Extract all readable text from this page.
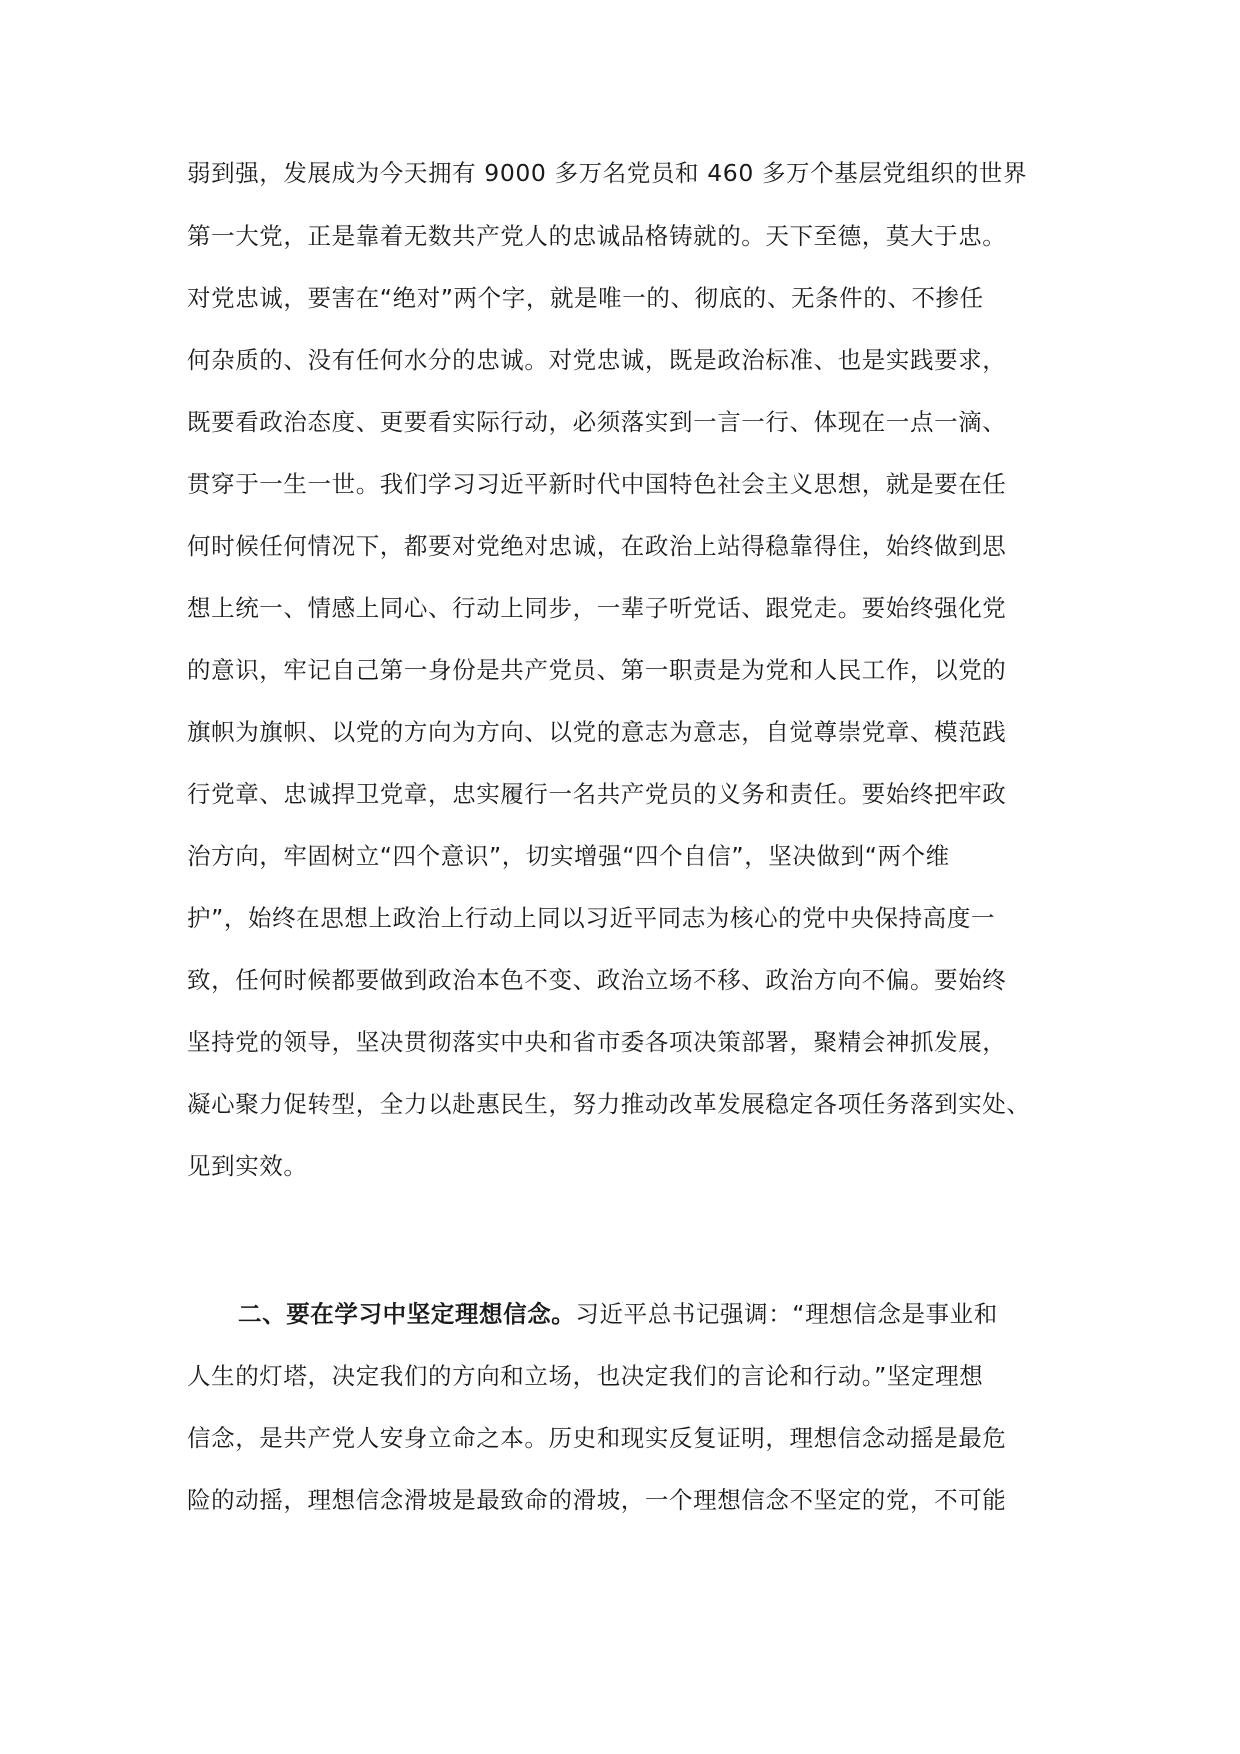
弱到强，发展成为今天拥有 9000 多万名党员和 460 多万个基层党组织的世界
第一大党，正是靠着无数共产党人的忠诚品格铸就的。天下至德，莫大于忠。
对党忠诚，要害在“绝对”两个字，就是唯一的、彻底的、无条件的、不掺任
何杂质的、没有任何水分的忠诚。对党忠诚，既是政治标准、也是实践要求，
既要看政治态度、更要看实际行动，必须落实到一言一行、体现在一点一滴、
贯穿于一生一世。我们学习习近平新时代中国特色社会主义思想，就是要在任
何时候任何情况下，都要对党绝对忠诚，在政治上站得稳靠得住，始终做到思
想上统一、情感上同心、行动上同步，一辈子听党话、跟党走。要始终强化党
的意识，牢记自己第一身份是共产党员、第一职责是为党和人民工作，以党的
旗帜为旗帜、以党的方向为方向、以党的意志为意志，自觉尊崇党章、模范践
行党章、忠诚捍卫党章，忠实履行一名共产党员的义务和责任。要始终把牢政
治方向，牢固树立“四个意识”，切实增强“四个自信”，坚决做到“两个维
护”，始终在思想上政治上行动上同以习近平同志为核心的党中央保持高度一
致，任何时候都要做到政治本色不变、政治立场不移、政治方向不偏。要始终
坚持党的领导，坚决贯彻落实中央和省市委各项决策部署，聚精会神抓发展，
凝心聚力促转型，全力以赴惠民生，努力推动改革发展稳定各项任务落到实处、
见到实效。
二、要在学习中坚定理想信念。习近平总书记强调：“理想信念是事业和
人生的灯塔，决定我们的方向和立场，也决定我们的言论和行动。”坚定理想
信念，是共产党人安身立命之本。历史和现实反复证明，理想信念动摇是最危
险的动摇，理想信念滑坡是最致命的滑坡，一个理想信念不坚定的党，不可能
